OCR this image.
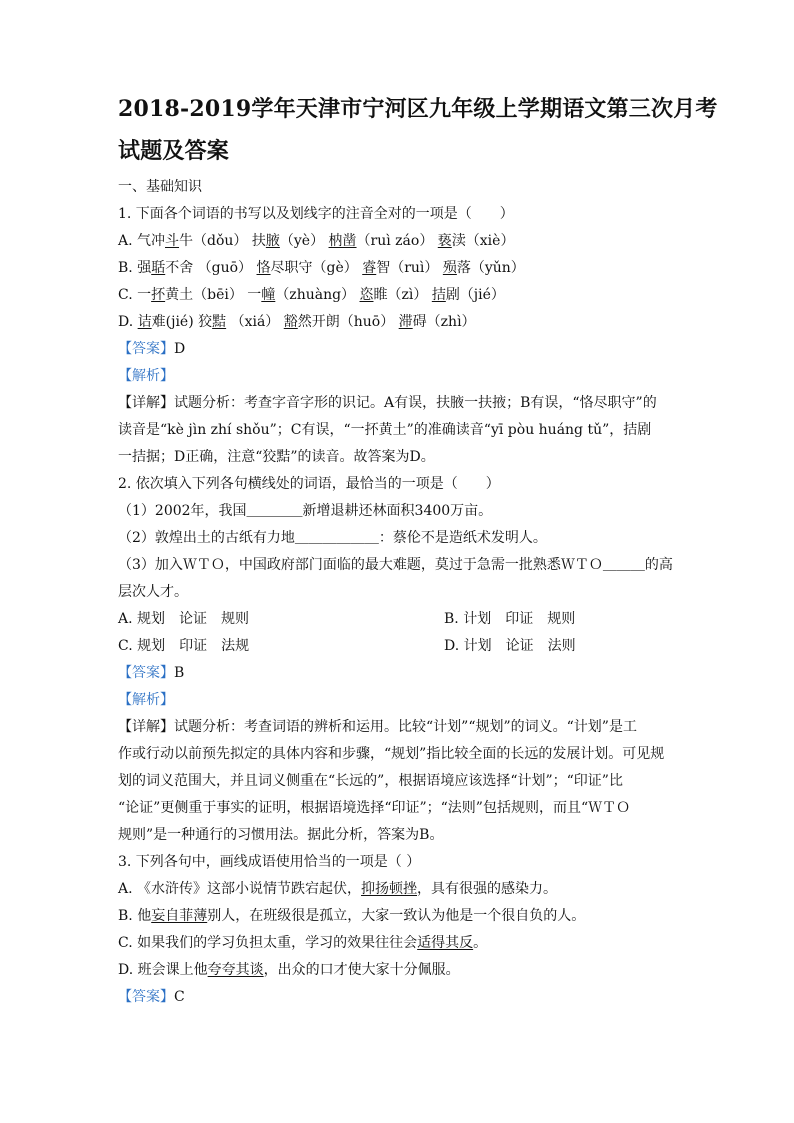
2018-2019学年天津市宁河区九年级上学期语文第三次月考
试题及答案
一、基础知识
1. 下面各个词语的书写以及划线字的注音全对的一项是（　　）
A. 气冲斗牛（dǒu） 扶腋（yè） 枘凿（ruì záo） 亵渎（xiè）
B. 强聒不舍 （guō） 恪尽职守（gè） 睿智（ruì） 殒落（yǔn）
C. 一抔黄土（bēi） 一幢（zhuàng） 恣睢（zì） 拮剧（jié）
D. 诘难(jié) 狡黠 （xiá） 豁然开朗（huō） 滞碍（zhì）
【答案】D
【解析】
【详解】试题分析：考查字音字形的识记。A有误，扶腋一扶掖；B有误，“恪尽职守”的
读音是“kè jìn zhí shǒu”；C有误，“一抔黄土”的准确读音“yī pòu huáng tǔ”，拮剧
一拮据；D正确，注意“狡黠”的读音。故答案为D。
2. 依次填入下列各句横线处的词语，最恰当的一项是（　　）
（1）2002年，我国＿＿＿＿新增退耕还林面积3400万亩。
（2）敦煌出土的古纸有力地＿＿＿＿＿＿：蔡伦不是造纸术发明人。
（3）加入ＷＴＯ，中国政府部门面临的最大难题，莫过于急需一批熟悉ＷＴＯ＿＿＿的高
层次人才。
A. 规划　论证　规则	B. 计划　印证　规则
C. 规划　印证　法规	D. 计划　论证　法则
【答案】B
【解析】
【详解】试题分析：考查词语的辨析和运用。比较“计划”“规划”的词义。“计划”是工
作或行动以前预先拟定的具体内容和步骤，“规划”指比较全面的长远的发展计划。可见规
划的词义范围大，并且词义侧重在“长远的”，根据语境应该选择“计划”；“印证”比
“论证”更侧重于事实的证明，根据语境选择“印证”；“法则”包括规则，而且“ＷＴＯ
规则”是一种通行的习惯用法。据此分析，答案为B。
3. 下列各句中，画线成语使用恰当的一项是（ ）
A. 《水浒传》这部小说情节跌宕起伏，抑扬顿挫，具有很强的感染力。
B. 他妄自菲薄别人，在班级很是孤立，大家一致认为他是一个很自负的人。
C. 如果我们的学习负担太重，学习的效果往往会适得其反。
D. 班会课上他夸夸其谈，出众的口才使大家十分佩服。
【答案】C
